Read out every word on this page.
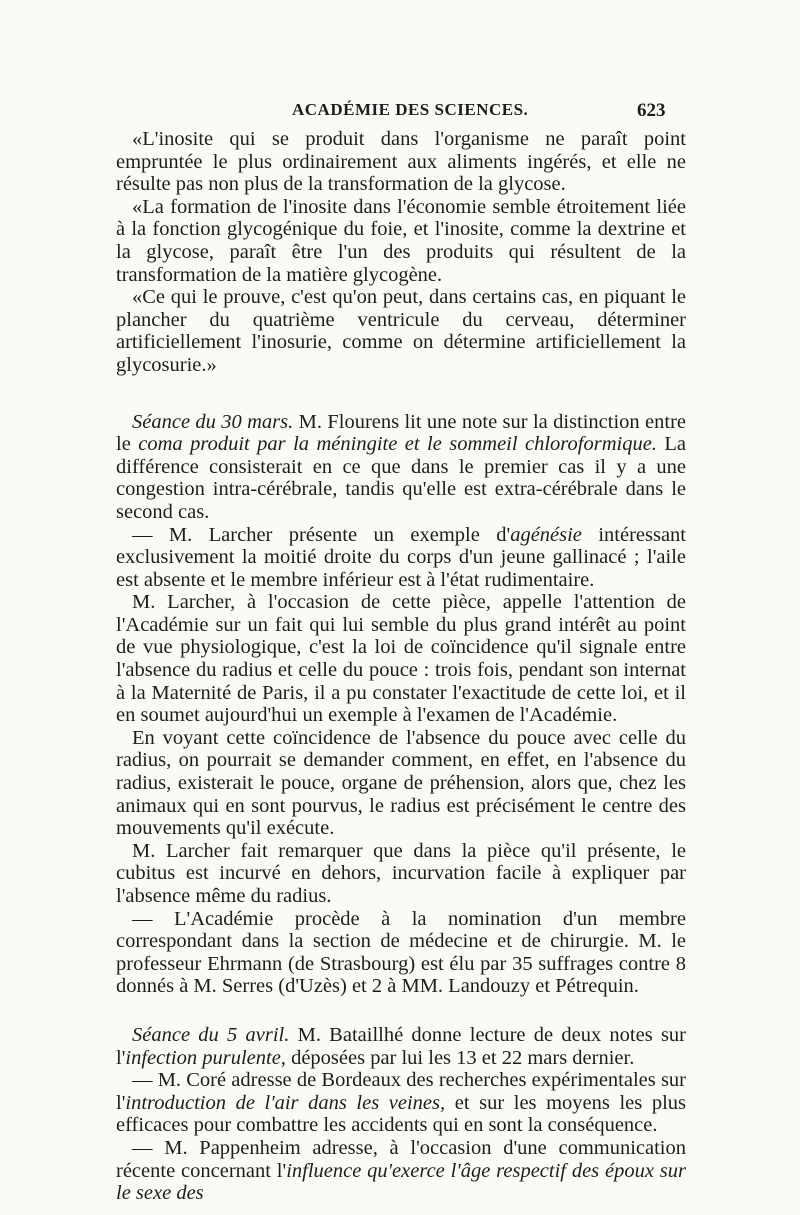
ACADÉMIE DES SCIENCES.	623

«L'inosite qui se produit dans l'organisme ne paraît point empruntée le plus ordinairement aux aliments ingérés, et elle ne résulte pas non plus de la transformation de la glycose.

«La formation de l'inosite dans l'économie semble étroitement liée à la fonction glycogénique du foie, et l'inosite, comme la dextrine et la glycose, paraît être l'un des produits qui résultent de la transformation de la matière glycogène.

«Ce qui le prouve, c'est qu'on peut, dans certains cas, en piquant le plancher du quatrième ventricule du cerveau, déterminer artificiellement l'inosurie, comme on détermine artificiellement la glycosurie.»

Séance du 30 mars. M. Flourens lit une note sur la distinction entre le coma produit par la méningite et le sommeil chloroformique. La différence consisterait en ce que dans le premier cas il y a une congestion intra-cérébrale, tandis qu'elle est extra-cérébrale dans le second cas.

— M. Larcher présente un exemple d'agénésie intéressant exclusivement la moitié droite du corps d'un jeune gallinacé ; l'aile est absente et le membre inférieur est à l'état rudimentaire.

M. Larcher, à l'occasion de cette pièce, appelle l'attention de l'Académie sur un fait qui lui semble du plus grand intérêt au point de vue physiologique, c'est la loi de coïncidence qu'il signale entre l'absence du radius et celle du pouce : trois fois, pendant son internat à la Maternité de Paris, il a pu constater l'exactitude de cette loi, et il en soumet aujourd'hui un exemple à l'examen de l'Académie.

En voyant cette coïncidence de l'absence du pouce avec celle du radius, on pourrait se demander comment, en effet, en l'absence du radius, existerait le pouce, organe de préhension, alors que, chez les animaux qui en sont pourvus, le radius est précisément le centre des mouvements qu'il exécute.

M. Larcher fait remarquer que dans la pièce qu'il présente, le cubitus est incurvé en dehors, incurvation facile à expliquer par l'absence même du radius.

— L'Académie procède à la nomination d'un membre correspondant dans la section de médecine et de chirurgie. M. le professeur Ehrmann (de Strasbourg) est élu par 35 suffrages contre 8 donnés à M. Serres (d'Uzès) et 2 à MM. Landouzy et Pétrequin.

Séance du 5 avril. M. Bataillhé donne lecture de deux notes sur l'infection purulente, déposées par lui les 13 et 22 mars dernier.

— M. Coré adresse de Bordeaux des recherches expérimentales sur l'introduction de l'air dans les veines, et sur les moyens les plus efficaces pour combattre les accidents qui en sont la conséquence.

— M. Pappenheim adresse, à l'occasion d'une communication récente concernant l'influence qu'exerce l'âge respectif des époux sur le sexe des
